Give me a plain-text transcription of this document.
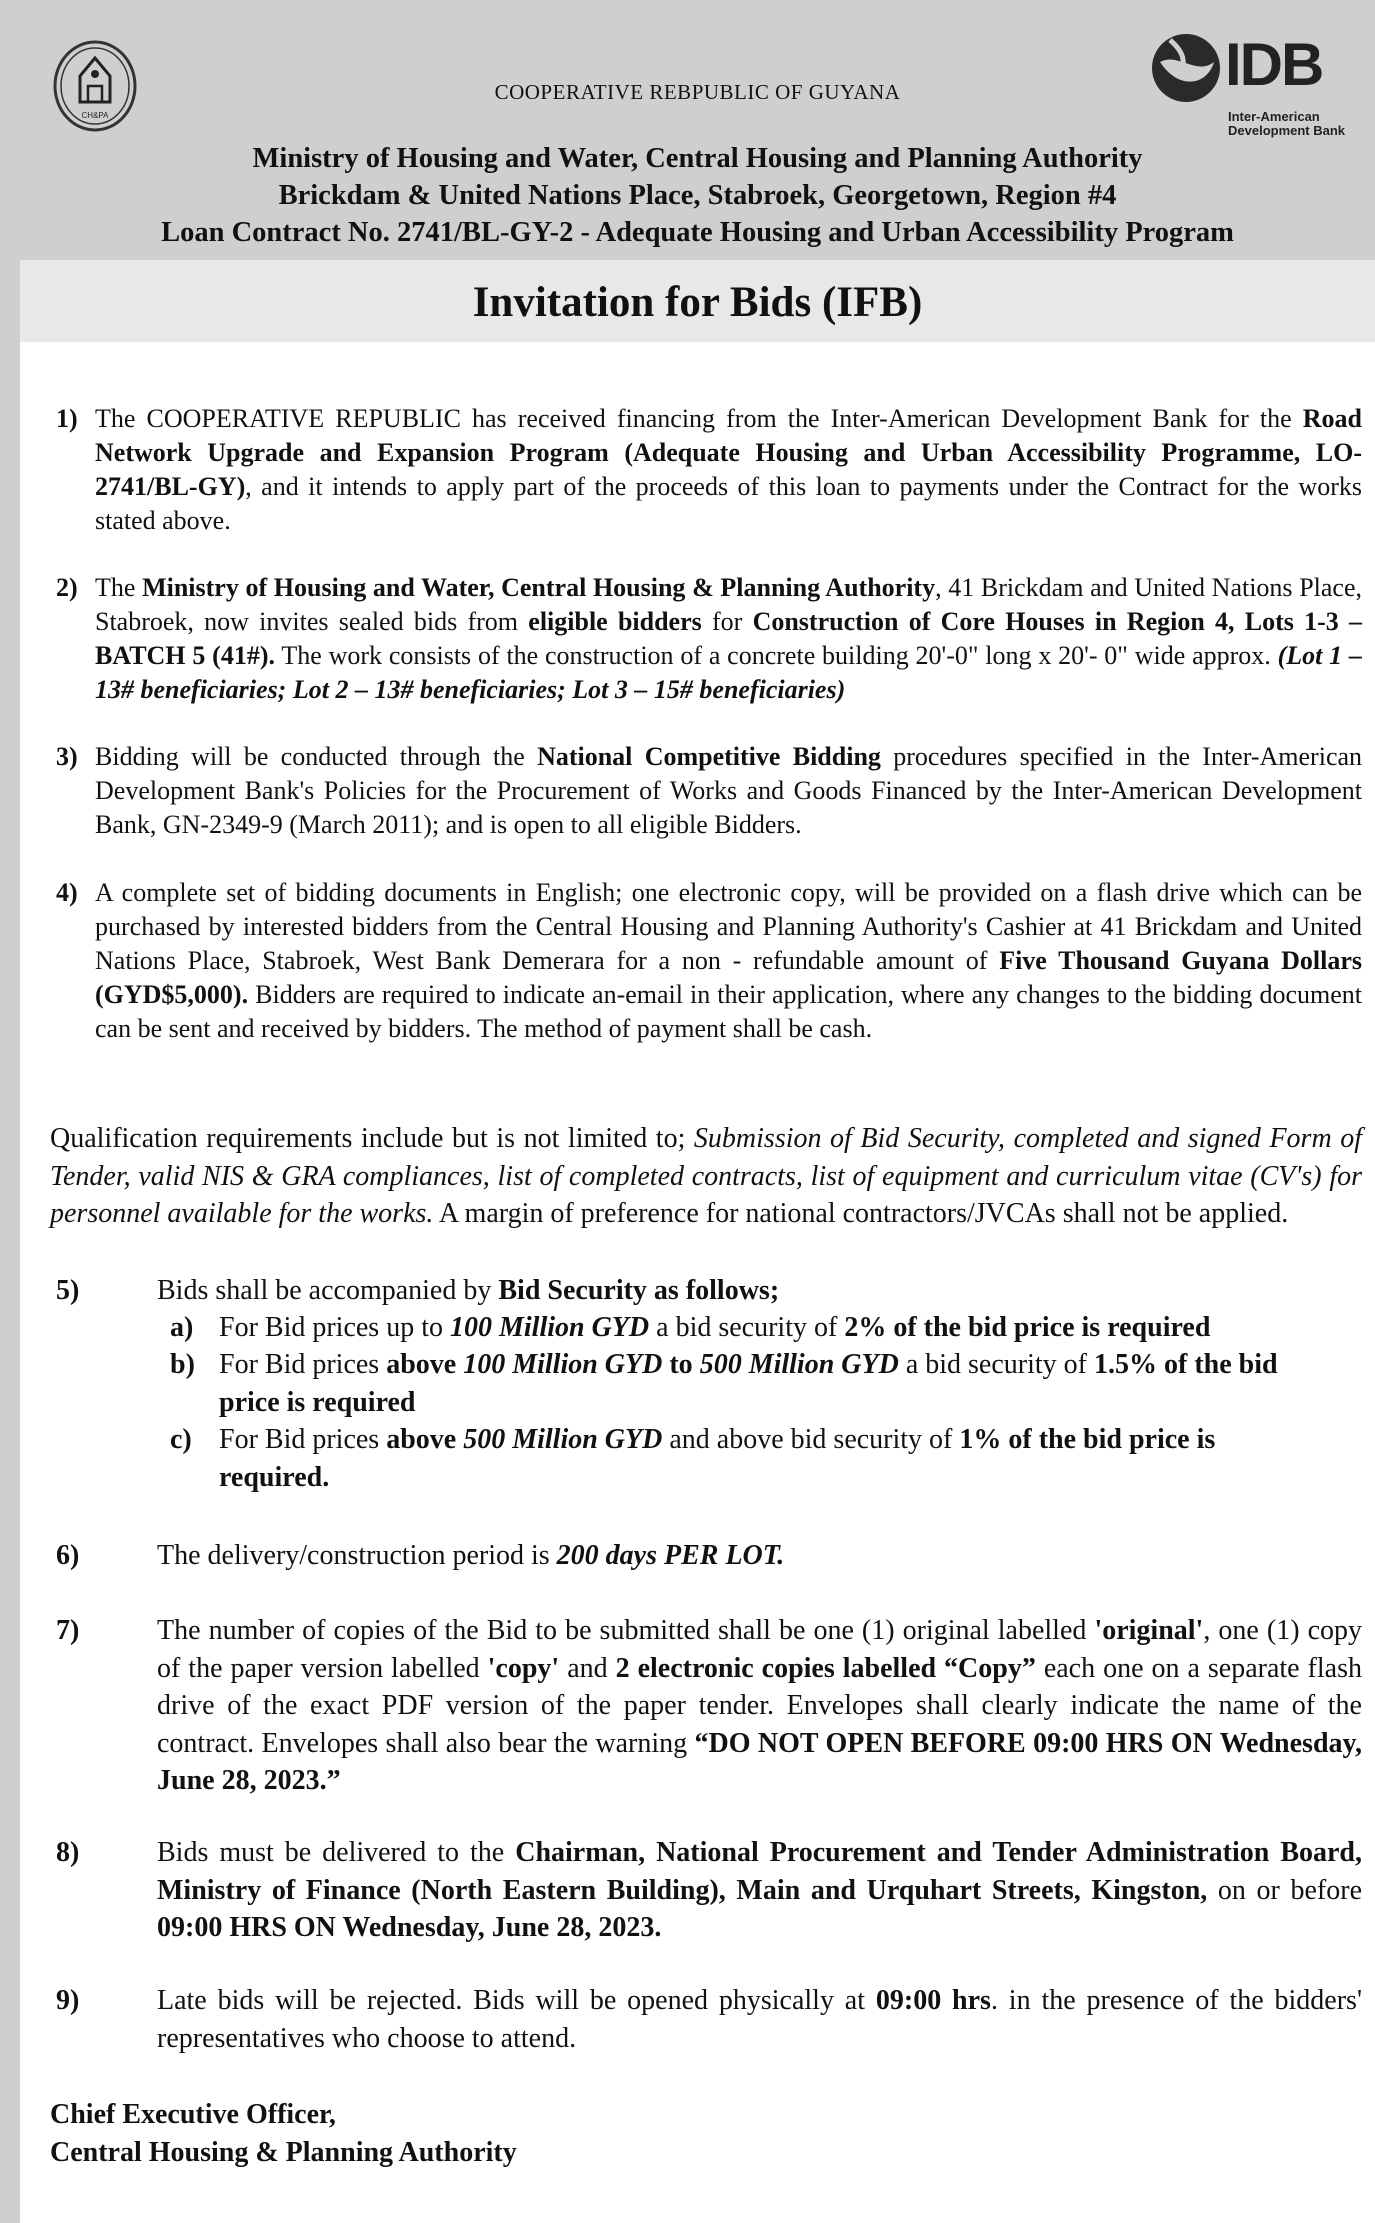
CH&PA
COOPERATIVE REBPUBLIC OF GUYANA	IDB
Inter-American
Development Bank
Ministry of Housing and Water, Central Housing and Planning Authority
Brickdam & United Nations Place, Stabroek, Georgetown, Region #4
Loan Contract No. 2741/BL-GY-2 - Adequate Housing and Urban Accessibility Program
Invitation for Bids (IFB)
1) The COOPERATIVE REPUBLIC has received financing from the Inter-American Development Bank for the Road Network Upgrade and Expansion Program (Adequate Housing and Urban Accessibility Programme, LO-2741/BL-GY), and it intends to apply part of the proceeds of this loan to payments under the Contract for the works stated above.
2) The Ministry of Housing and Water, Central Housing & Planning Authority, 41 Brickdam and United Nations Place, Stabroek, now invites sealed bids from eligible bidders for Construction of Core Houses in Region 4, Lots 1-3 – BATCH 5 (41#). The work consists of the construction of a concrete building 20'-0" long x 20'- 0" wide approx. (Lot 1 – 13# beneficiaries; Lot 2 – 13# beneficiaries; Lot 3 – 15# beneficiaries)
3) Bidding will be conducted through the National Competitive Bidding procedures specified in the Inter-American Development Bank's Policies for the Procurement of Works and Goods Financed by the Inter-American Development Bank, GN-2349-9 (March 2011); and is open to all eligible Bidders.
4) A complete set of bidding documents in English; one electronic copy, will be provided on a flash drive which can be purchased by interested bidders from the Central Housing and Planning Authority's Cashier at 41 Brickdam and United Nations Place, Stabroek, West Bank Demerara for a non - refundable amount of Five Thousand Guyana Dollars (GYD$5,000). Bidders are required to indicate an-email in their application, where any changes to the bidding document can be sent and received by bidders. The method of payment shall be cash.
Qualification requirements include but is not limited to; Submission of Bid Security, completed and signed Form of Tender, valid NIS & GRA compliances, list of completed contracts, list of equipment and curriculum vitae (CV's) for personnel available for the works. A margin of preference for national contractors/JVCAs shall not be applied.
5)	Bids shall be accompanied by Bid Security as follows;
a) For Bid prices up to 100 Million GYD a bid security of 2% of the bid price is required
b) For Bid prices above 100 Million GYD to 500 Million GYD a bid security of 1.5% of the bid price is required
c) For Bid prices above 500 Million GYD and above bid security of 1% of the bid price is required.
6)	The delivery/construction period is 200 days PER LOT.
7)	The number of copies of the Bid to be submitted shall be one (1) original labelled 'original', one (1) copy of the paper version labelled 'copy' and 2 electronic copies labelled “Copy” each one on a separate flash drive of the exact PDF version of the paper tender. Envelopes shall clearly indicate the name of the contract. Envelopes shall also bear the warning “DO NOT OPEN BEFORE 09:00 HRS ON Wednesday, June 28, 2023.”
8)	Bids must be delivered to the Chairman, National Procurement and Tender Administration Board, Ministry of Finance (North Eastern Building), Main and Urquhart Streets, Kingston, on or before 09:00 HRS ON Wednesday, June 28, 2023.
9)	Late bids will be rejected. Bids will be opened physically at 09:00 hrs. in the presence of the bidders' representatives who choose to attend.
Chief Executive Officer,
Central Housing & Planning Authority
